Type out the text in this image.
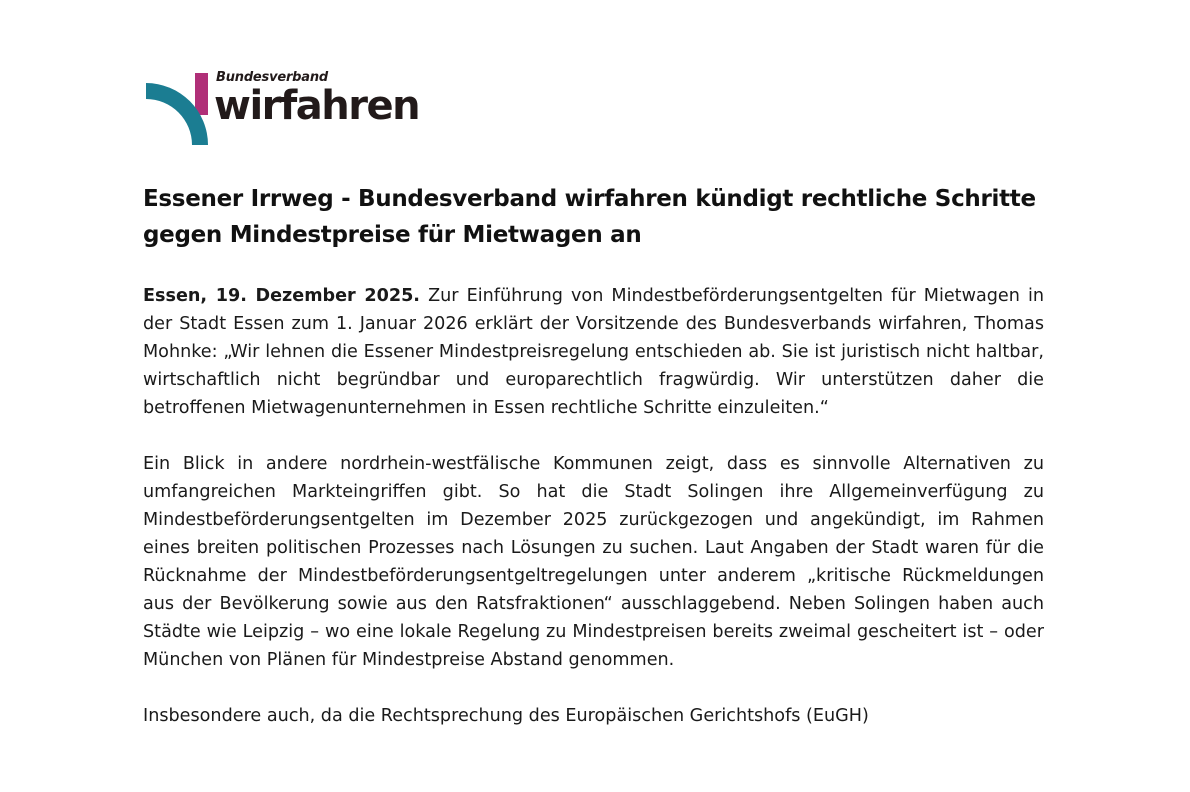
Bundesverband
wirfahren
Essener Irrweg - Bundesverband wirfahren kündigt rechtliche Schritte gegen Mindestpreise für Mietwagen an

Essen, 19. Dezember 2025. Zur Einführung von Mindestbeförderungsentgelten für Mietwagen in der Stadt Essen zum 1. Januar 2026 erklärt der Vorsitzende des Bundesverbands wirfahren, Thomas Mohnke: „Wir lehnen die Essener Mindestpreisregelung entschieden ab. Sie ist juristisch nicht haltbar, wirtschaftlich nicht begründbar und europarechtlich fragwürdig. Wir unterstützen daher die betroffenen Mietwagenunternehmen in Essen rechtliche Schritte einzuleiten.“

Ein Blick in andere nordrhein-westfälische Kommunen zeigt, dass es sinnvolle Alternativen zu umfangreichen Markteingriffen gibt. So hat die Stadt Solingen ihre Allgemeinverfügung zu Mindestbeförderungsentgelten im Dezember 2025 zurückgezogen und angekündigt, im Rahmen eines breiten politischen Prozesses nach Lösungen zu suchen. Laut Angaben der Stadt waren für die Rücknahme der Mindestbeförderungsentgeltregelungen unter anderem „kritische Rückmeldungen aus der Bevölkerung sowie aus den Ratsfraktionen“ ausschlaggebend. Neben Solingen haben auch Städte wie Leipzig – wo eine lokale Regelung zu Mindestpreisen bereits zweimal gescheitert ist – oder München von Plänen für Mindestpreise Abstand genommen.

Insbesondere auch, da die Rechtsprechung des Europäischen Gerichtshofs (EuGH)
